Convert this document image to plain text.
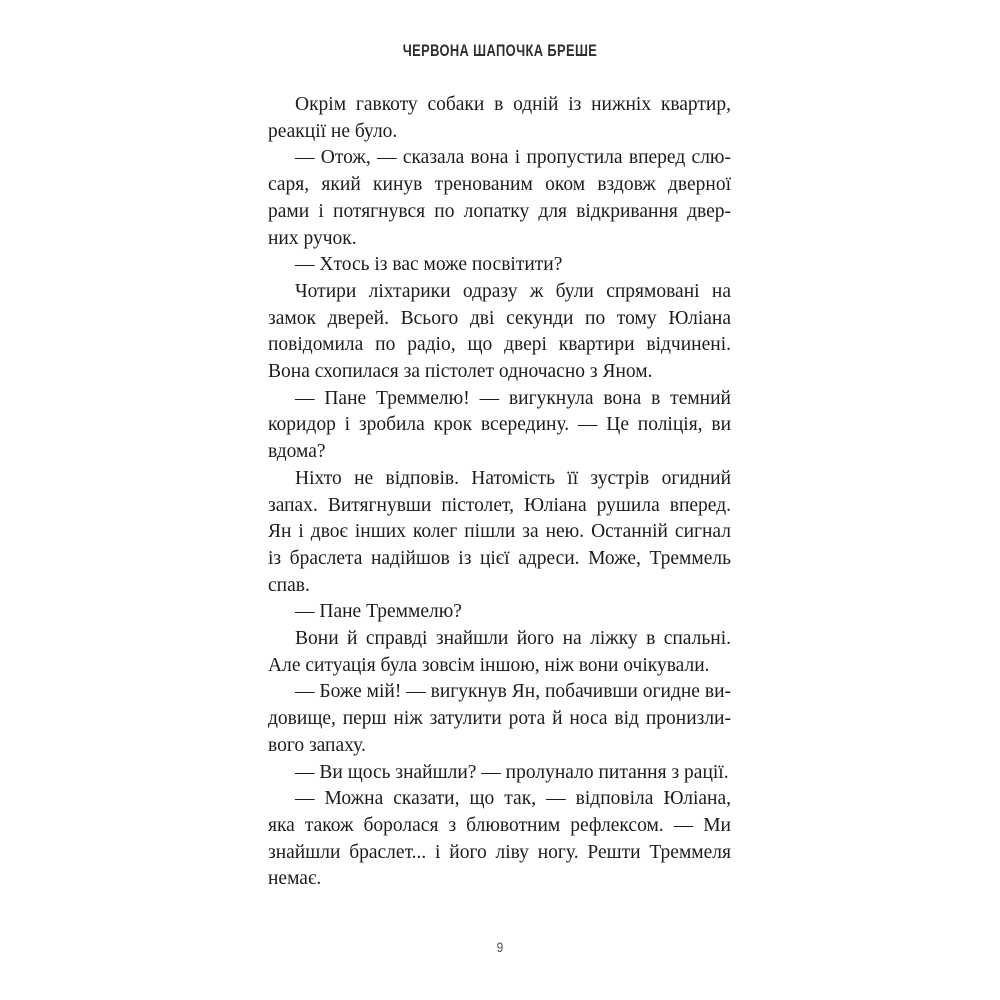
ЧЕРВОНА ШАПОЧКА БРЕШЕ
Окрім гавкоту собаки в одній із нижніх квартир,
реакції не було.
— Отож, — сказала вона і пропустила вперед слю-
саря, який кинув тренованим оком вздовж дверної
рами і потягнувся по лопатку для відкривання двер-
них ручок.
— Хтось із вас може посвітити?
Чотири ліхтарики одразу ж були спрямовані на
замок дверей. Всього дві секунди по тому Юліана
повідомила по радіо, що двері квартири відчинені.
Вона схопилася за пістолет одночасно з Яном.
— Пане Треммелю! — вигукнула вона в темний
коридор і зробила крок всередину. — Це поліція, ви
вдома?
Ніхто не відповів. Натомість її зустрів огидний
запах. Витягнувши пістолет, Юліана рушила вперед.
Ян і двоє інших колег пішли за нею. Останній сигнал
із браслета надійшов із цієї адреси. Може, Треммель
спав.
— Пане Треммелю?
Вони й справді знайшли його на ліжку в спальні.
Але ситуація була зовсім іншою, ніж вони очікували.
— Боже мій! — вигукнув Ян, побачивши огидне ви-
довище, перш ніж затулити рота й носа від пронизли-
вого запаху.
— Ви щось знайшли? — пролунало питання з рації.
— Можна сказати, що так, — відповіла Юліана,
яка також боролася з блювотним рефлексом. — Ми
знайшли браслет... і його ліву ногу. Решти Треммеля
немає.
9
